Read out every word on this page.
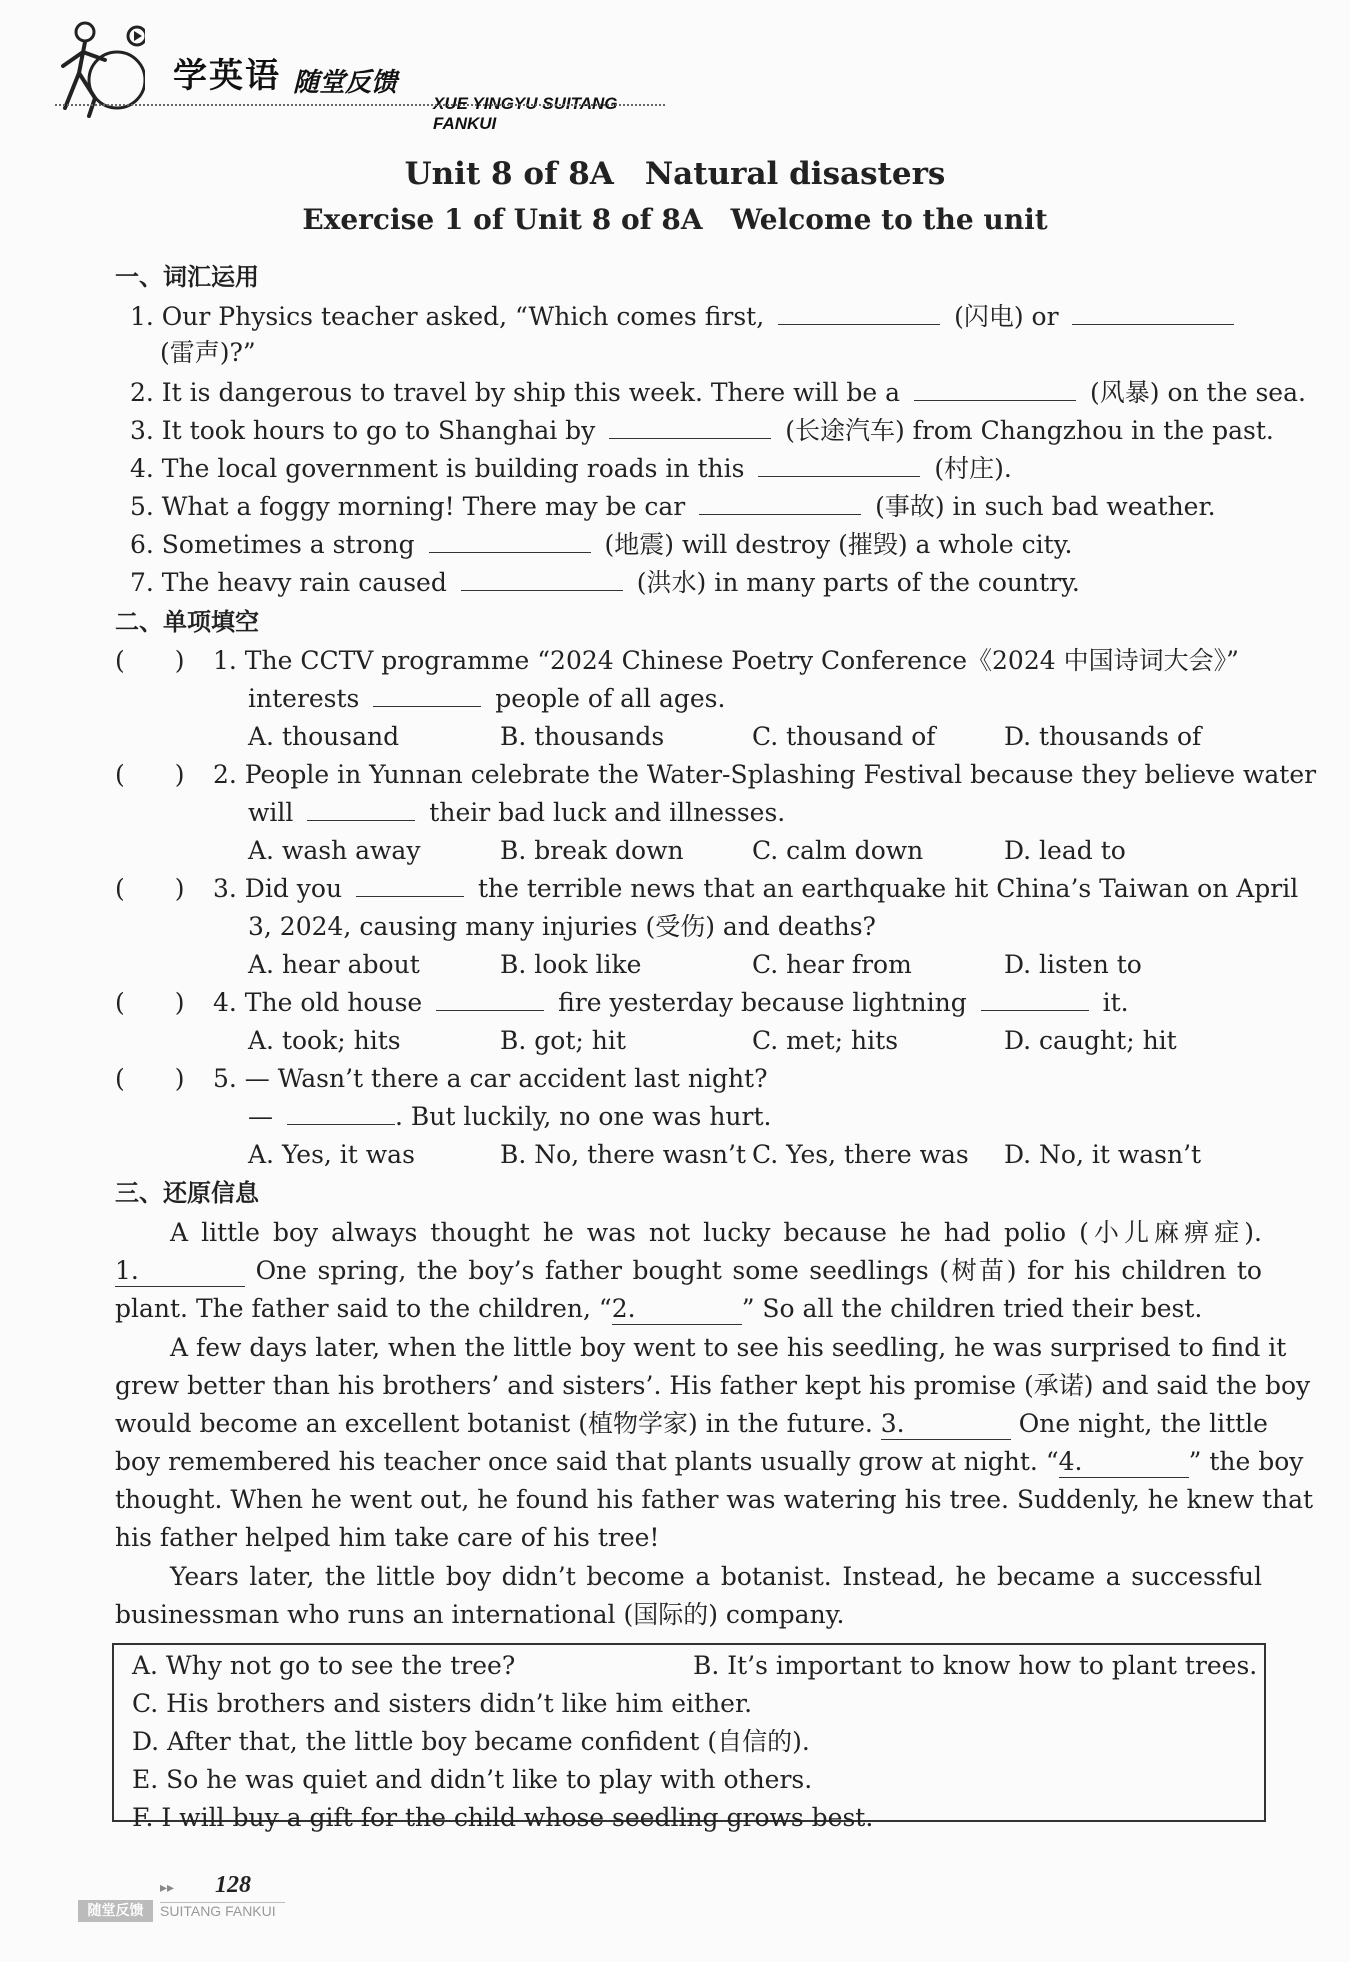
学英语 随堂反馈
XUE YINGYU SUITANG FANKUI
Unit 8 of 8A　Natural disasters
Exercise 1 of Unit 8 of 8A　Welcome to the unit
一、词汇运用
1. Our Physics teacher asked, “Which comes first,	(闪电) or
(雷声)?”
2. It is dangerous to travel by ship this week. There will be a	(风暴) on the sea.
3. It took hours to go to Shanghai by	(长途汽车) from Changzhou in the past.
4. The local government is building roads in this	(村庄).
5. What a foggy morning! There may be car	(事故) in such bad weather.
6. Sometimes a strong	(地震) will destroy (摧毁) a whole city.
7. The heavy rain caused	(洪水) in many parts of the country.
二、单项填空
(　　) 1. The CCTV programme “2024 Chinese Poetry Conference《2024 中国诗词大会》”
interests	people of all ages.
A. thousand	B. thousands	C. thousand of	D. thousands of
(　　) 2. People in Yunnan celebrate the Water-Splashing Festival because they believe water
will	their bad luck and illnesses.
A. wash away	B. break down	C. calm down	D. lead to
(　　) 3. Did you	the terrible news that an earthquake hit China’s Taiwan on April
3, 2024, causing many injuries (受伤) and deaths?
A. hear about	B. look like	C. hear from	D. listen to
(　　) 4. The old house	fire yesterday because lightning	it.
A. took; hits	B. got; hit	C. met; hits	D. caught; hit
(　　) 5. — Wasn’t there a car accident last night?
—	. But luckily, no one was hurt.
A. Yes, it was	B. No, there wasn’t C. Yes, there was D. No, it wasn’t
三、还原信息
A little boy always thought he was not lucky because he had polio (小儿麻痹症).
1.	One spring, the boy’s father bought some seedlings (树苗) for his children to
plant. The father said to the children, “2.	” So all the children tried their best.
A few days later, when the little boy went to see his seedling, he was surprised to find it
grew better than his brothers’ and sisters’. His father kept his promise (承诺) and said the boy
would become an excellent botanist (植物学家) in the future. 3.	One night, the little
boy remembered his teacher once said that plants usually grow at night. “4.	” the boy
thought. When he went out, he found his father was watering his tree. Suddenly, he knew that
his father helped him take care of his tree!
Years later, the little boy didn’t become a botanist. Instead, he became a successful
businessman who runs an international (国际的) company.
A. Why not go to see the tree?	B. It’s important to know how to plant trees.
C. His brothers and sisters didn’t like him either.
D. After that, the little boy became confident (自信的).
E. So he was quiet and didn’t like to play with others.
F. I will buy a gift for the child whose seedling grows best.
▸▸ 128
随堂反馈	SUITANG FANKUI
